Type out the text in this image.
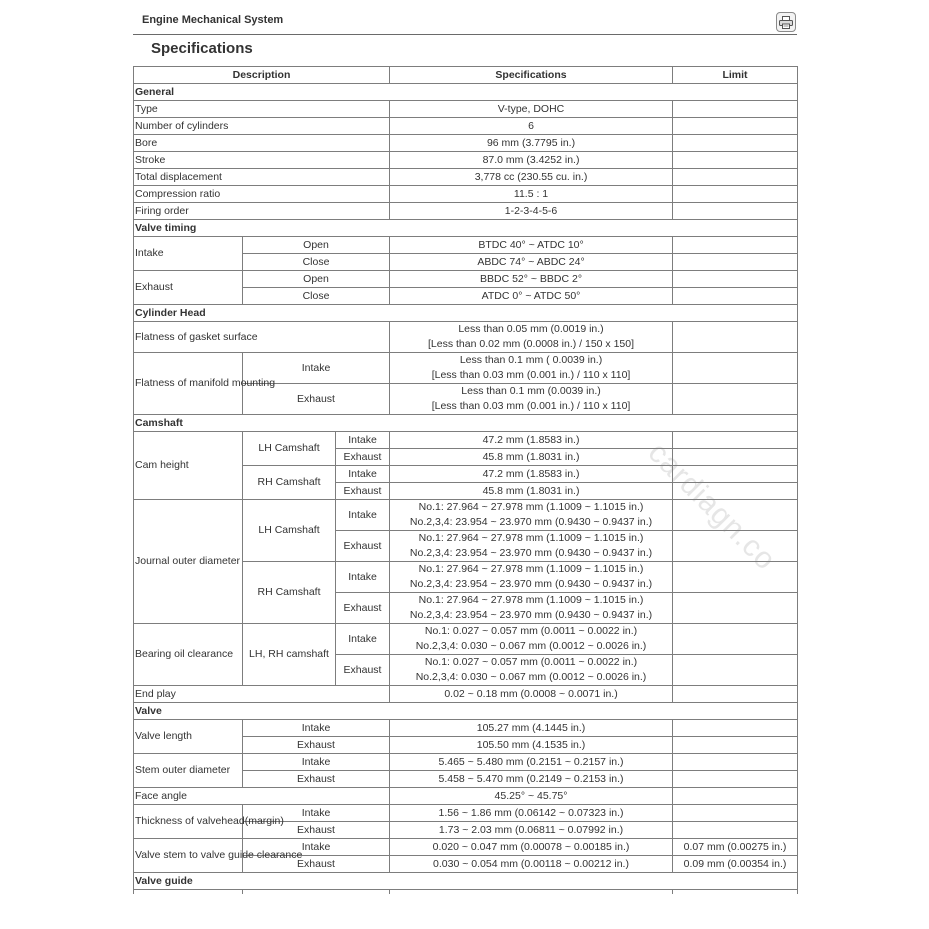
Engine Mechanical System
Specifications
cardiagn.co
Description			Specifications	Limit
General				
Type			V-type, DOHC	
Number of cylinders			6	
Bore			96 mm (3.7795 in.)	
Stroke			87.0 mm (3.4252 in.)	
Total displacement			3,778 cc (230.55 cu. in.)	
Compression ratio			11.5 : 1	
Firing order			1-2-3-4-5-6	
Valve timing				
Intake	Open		BTDC 40° ~ ATDC 10°	
	Close		ABDC 74° ~ ABDC 24°	
Exhaust	Open		BBDC 52° ~ BBDC 2°	
	Close		ATDC 0° ~ ATDC 50°	
Cylinder Head				
Flatness of gasket surface			Less than 0.05 mm (0.0019 in.)
[Less than 0.02 mm (0.0008 in.) / 150 x 150]	

Flatness of manifold mounting	Intake		Less than 0.1 mm ( 0.0039 in.)
[Less than 0.03 mm (0.001 in.) / 110 x 110]	

	Exhaust		Less than 0.1 mm (0.0039 in.)
[Less than 0.03 mm (0.001 in.) / 110 x 110]	

Camshaft				
Cam height	LH Camshaft	Intake	47.2 mm (1.8583 in.)	
		Exhaust	45.8 mm (1.8031 in.)	
	RH Camshaft	Intake	47.2 mm (1.8583 in.)	
		Exhaust	45.8 mm (1.8031 in.)	
Journal outer diameter	LH Camshaft	Intake	No.1: 27.964 ~ 27.978 mm (1.1009 ~ 1.1015 in.)
No.2,3,4: 23.954 ~ 23.970 mm (0.9430 ~ 0.9437 in.)	

		Exhaust	No.1: 27.964 ~ 27.978 mm (1.1009 ~ 1.1015 in.)
No.2,3,4: 23.954 ~ 23.970 mm (0.9430 ~ 0.9437 in.)	

	RH Camshaft	Intake	No.1: 27.964 ~ 27.978 mm (1.1009 ~ 1.1015 in.)
No.2,3,4: 23.954 ~ 23.970 mm (0.9430 ~ 0.9437 in.)	

		Exhaust	No.1: 27.964 ~ 27.978 mm (1.1009 ~ 1.1015 in.)
No.2,3,4: 23.954 ~ 23.970 mm (0.9430 ~ 0.9437 in.)	

Bearing oil clearance	LH, RH camshaft	Intake	No.1: 0.027 ~ 0.057 mm (0.0011 ~ 0.0022 in.)
No.2,3,4: 0.030 ~ 0.067 mm (0.0012 ~ 0.0026 in.)	

		Exhaust	No.1: 0.027 ~ 0.057 mm (0.0011 ~ 0.0022 in.)
No.2,3,4: 0.030 ~ 0.067 mm (0.0012 ~ 0.0026 in.)	

End play			0.02 ~ 0.18 mm (0.0008 ~ 0.0071 in.)	
Valve				
Valve length	Intake		105.27 mm (4.1445 in.)	
	Exhaust		105.50 mm (4.1535 in.)	
Stem outer diameter	Intake		5.465 ~ 5.480 mm (0.2151 ~ 0.2157 in.)	
	Exhaust		5.458 ~ 5.470 mm (0.2149 ~ 0.2153 in.)	
Face angle			45.25° ~ 45.75°	
Thickness of valvehead(margin)	Intake		1.56 ~ 1.86 mm (0.06142 ~ 0.07323 in.)	
	Exhaust		1.73 ~ 2.03 mm (0.06811 ~ 0.07992 in.)	
Valve stem to valve guide clearance	Intake		0.020 ~ 0.047 mm (0.00078 ~ 0.00185 in.)	0.07 mm (0.00275 in.)
	Exhaust		0.030 ~ 0.054 mm (0.00118 ~ 0.00212 in.)	0.09 mm (0.00354 in.)
Valve guide				
